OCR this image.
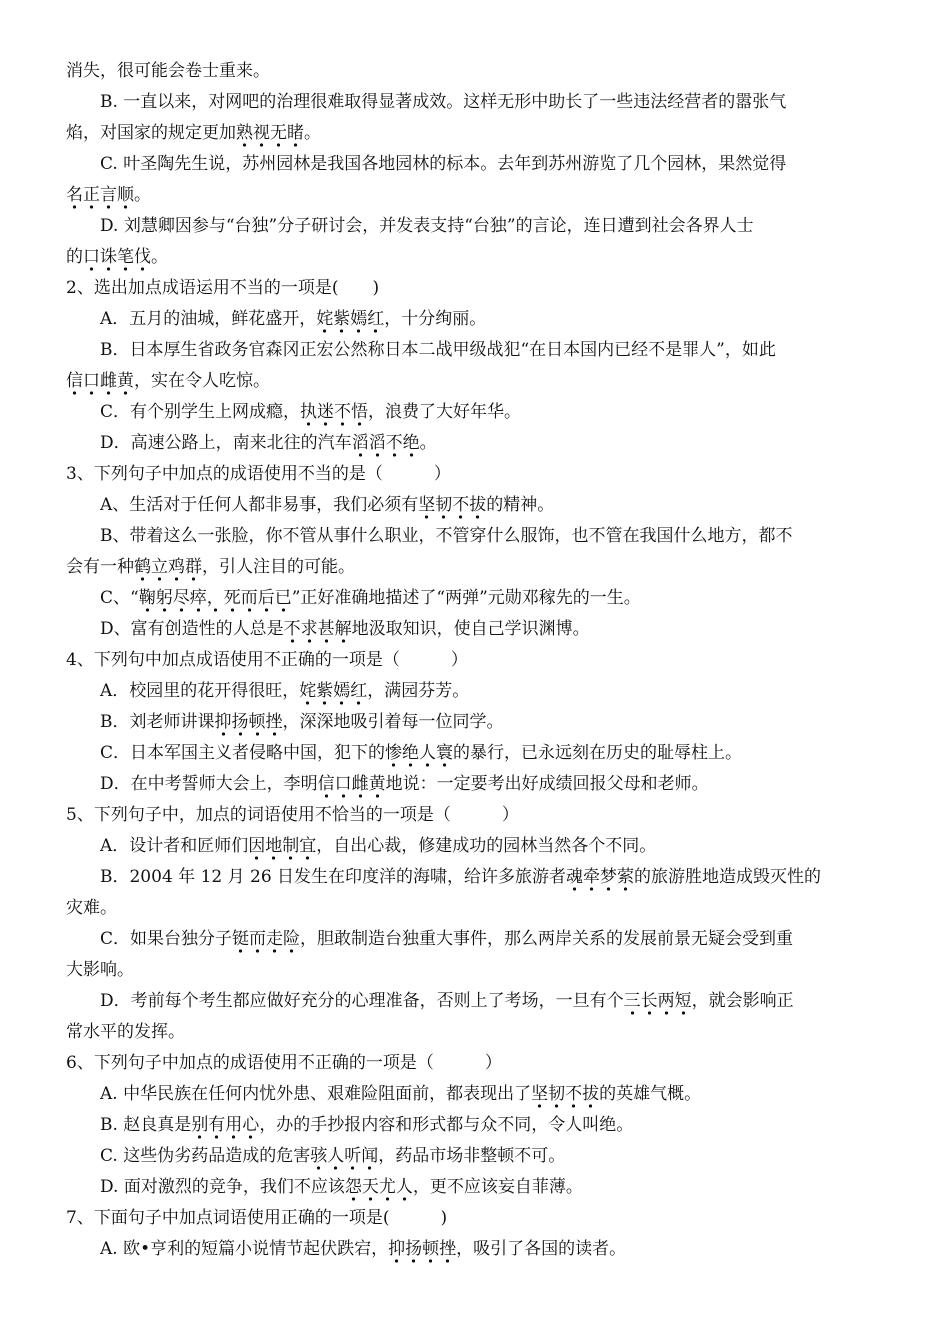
消失，很可能会卷士重来。
B. 一直以来，对网吧的治理很难取得显著成效。这样无形中助长了一些违法经营者的嚣张气
焰，对国家的规定更加熟视无睹。
C. 叶圣陶先生说，苏州园林是我国各地园林的标本。去年到苏州游览了几个园林，果然觉得
名正言顺。
D. 刘慧卿因参与“台独”分子研讨会，并发表支持“台独”的言论，连日遭到社会各界人士
的口诛笔伐。
2、选出加点成语运用不当的一项是(　　)
A．五月的油城，鲜花盛开，姹紫嫣红，十分绚丽。
B．日本厚生省政务官森冈正宏公然称日本二战甲级战犯“在日本国内已经不是罪人”，如此
信口雌黄，实在令人吃惊。
C．有个别学生上网成瘾，执迷不悟，浪费了大好年华。
D．高速公路上，南来北往的汽车滔滔不绝。
3、下列句子中加点的成语使用不当的是（　　　）
A、生活对于任何人都非易事，我们必须有坚韧不拔的精神。
B、带着这么一张脸，你不管从事什么职业，不管穿什么服饰，也不管在我国什么地方，都不
会有一种鹤立鸡群，引人注目的可能。
C、“鞠躬尽瘁，死而后已”正好准确地描述了“两弹”元勋邓稼先的一生。
D、富有创造性的人总是不求甚解地汲取知识，使自己学识渊博。
4、下列句中加点成语使用不正确的一项是（　　　）
A．校园里的花开得很旺，姹紫嫣红，满园芬芳。
B．刘老师讲课抑扬顿挫，深深地吸引着每一位同学。
C．日本军国主义者侵略中国，犯下的惨绝人寰的暴行，已永远刻在历史的耻辱柱上。
D．在中考誓师大会上，李明信口雌黄地说：一定要考出好成绩回报父母和老师。
5、下列句子中，加点的词语使用不恰当的一项是（　　　）
A．设计者和匠师们因地制宜，自出心裁，修建成功的园林当然各个不同。
B．2004 年 12 月 26 日发生在印度洋的海啸，给许多旅游者魂牵梦萦的旅游胜地造成毁灭性的
灾难。
C．如果台独分子铤而走险，胆敢制造台独重大事件，那么两岸关系的发展前景无疑会受到重
大影响。
D．考前每个考生都应做好充分的心理准备，否则上了考场，一旦有个三长两短，就会影响正
常水平的发挥。
6、下列句子中加点的成语使用不正确的一项是（　　　）
A. 中华民族在任何内忧外患、艰难险阻面前，都表现出了坚韧不拔的英雄气概。
B. 赵良真是别有用心，办的手抄报内容和形式都与众不同，令人叫绝。
C. 这些伪劣药品造成的危害骇人听闻，药品市场非整顿不可。
D. 面对激烈的竞争，我们不应该怨天尤人，更不应该妄自菲薄。
7、下面句子中加点词语使用正确的一项是(　　　)
A. 欧•亨利的短篇小说情节起伏跌宕，抑扬顿挫，吸引了各国的读者。
